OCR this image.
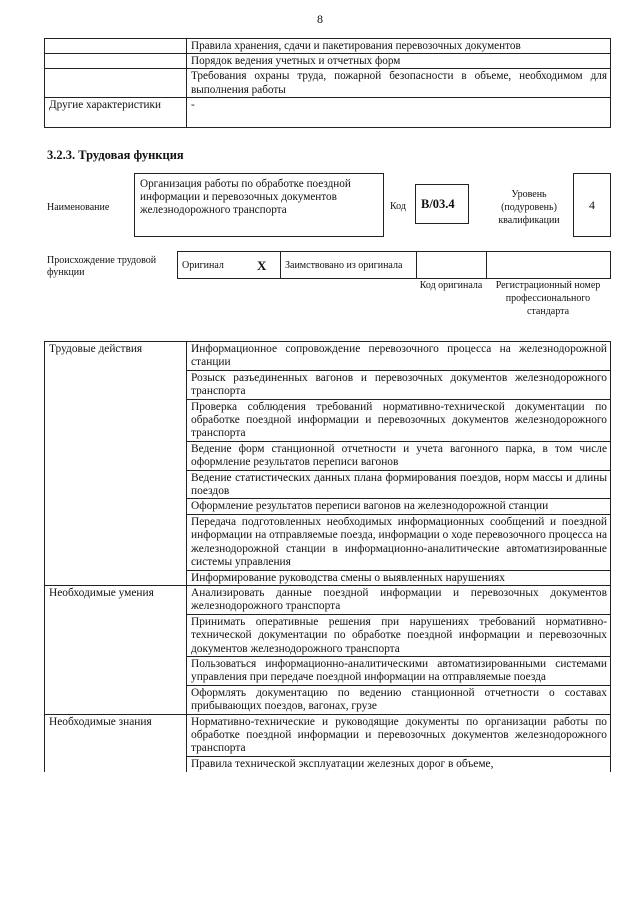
8
	Правила хранения, сдачи и пакетирования перевозочных документов
	Порядок ведения учетных и отчетных форм
	Требования охраны труда, пожарной безопасности в объеме, необходимом для выполнения работы
Другие характеристики	-
3.2.3. Трудовая функция
Наименование
Организация работы по обработке поездной информации и перевозочных документов железнодорожного транспорта	Код	В/03.4
Уровень (подуровень) квалификации
4
Происхождение трудовой функции
Оригинал	X	Заимствовано из оригинала		
Код оригинала	Регистрационный номер профессионального стандарта
Трудовые действия	Информационное сопровождение перевозочного процесса на железнодорожной станции
	Розыск разъединенных вагонов и перевозочных документов железнодорожного транспорта
	Проверка соблюдения требований нормативно-технической документации по обработке поездной информации и перевозочных документов железнодорожного транспорта
	Ведение форм станционной отчетности и учета вагонного парка, в том числе оформление результатов переписи вагонов
	Ведение статистических данных плана формирования поездов, норм массы и длины поездов
	Оформление результатов переписи вагонов на железнодорожной станции
	Передача подготовленных необходимых информационных сообщений и поездной информации на отправляемые поезда, информации о ходе перевозочного процесса на железнодорожной станции в информационно-аналитические автоматизированные системы управления
	Информирование руководства смены о выявленных нарушениях
Необходимые умения	Анализировать данные поездной информации и перевозочных документов железнодорожного транспорта
	Принимать оперативные решения при нарушениях требований нормативно-технической документации по обработке поездной информации и перевозочных документов железнодорожного транспорта
	Пользоваться информационно-аналитическими автоматизированными системами управления при передаче поездной информации на отправляемые поезда
	Оформлять документацию по ведению станционной отчетности о составах прибывающих поездов, вагонах, грузе
Необходимые знания	Нормативно-технические и руководящие документы по организации работы по обработке поездной информации и перевозочных документов железнодорожного транспорта
	Правила технической эксплуатации железных дорог в объеме,
